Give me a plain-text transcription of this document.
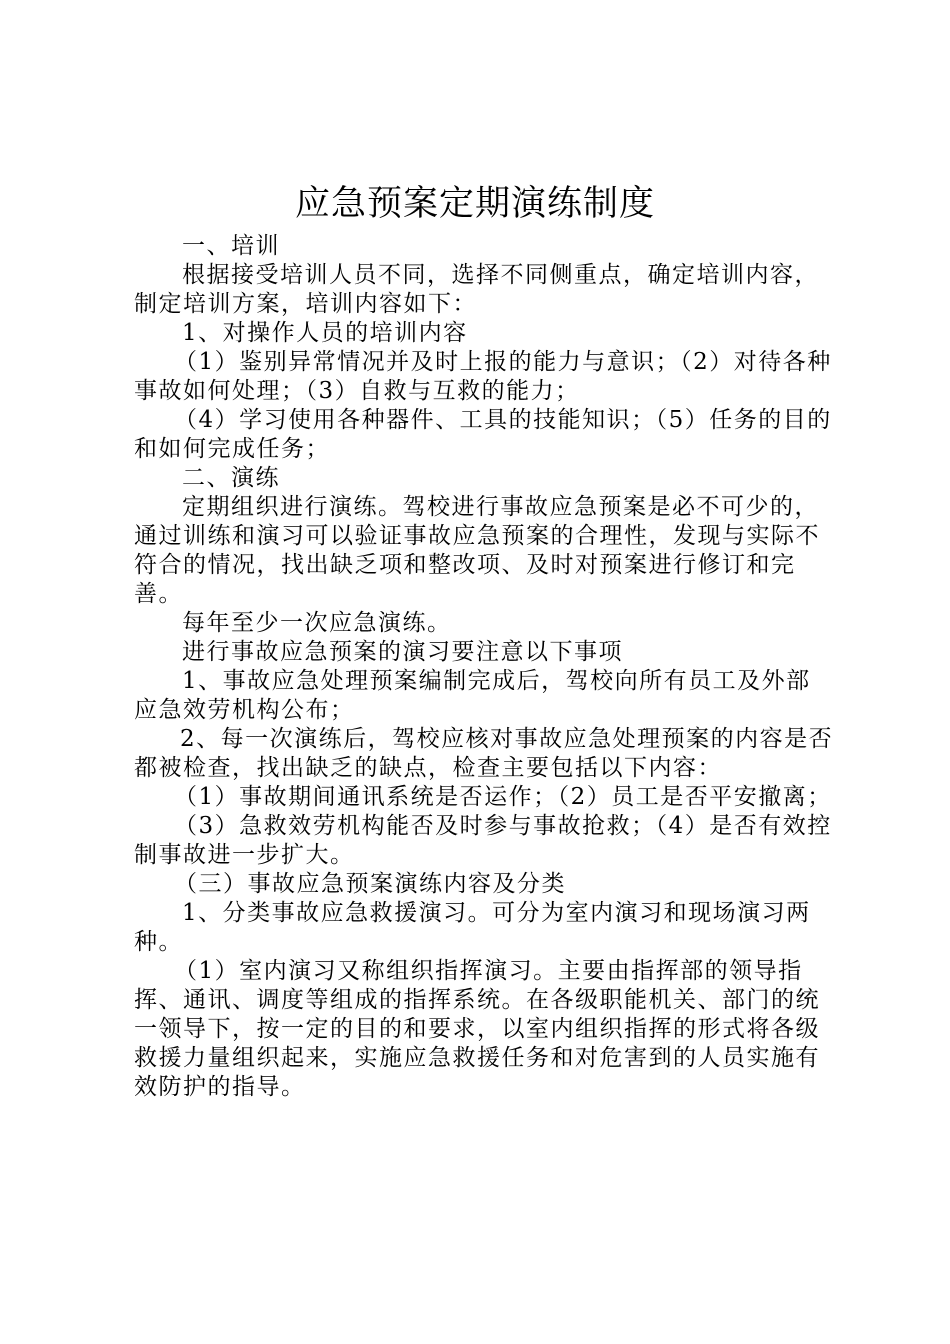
应急预案定期演练制度

一、培训

根据接受培训人员不同，选择不同侧重点，确定培训内容，制定培训方案，培训内容如下：

1、对操作人员的培训内容

（1）鉴别异常情况并及时上报的能力与意识；（2）对待各种事故如何处理；（3）自救与互救的能力；

（4）学习使用各种器件、工具的技能知识；（5）任务的目的和如何完成任务；

二、演练

定期组织进行演练。驾校进行事故应急预案是必不可少的，通过训练和演习可以验证事故应急预案的合理性，发现与实际不符合的情况，找出缺乏项和整改项、及时对预案进行修订和完善。

每年至少一次应急演练。

进行事故应急预案的演习要注意以下事项

1、事故应急处理预案编制完成后，驾校向所有员工及外部应急效劳机构公布；

2、每一次演练后，驾校应核对事故应急处理预案的内容是否都被检查，找出缺乏的缺点，检查主要包括以下内容：

（1）事故期间通讯系统是否运作；（2）员工是否平安撤离；

（3）急救效劳机构能否及时参与事故抢救；（4）是否有效控制事故进一步扩大。

（三）事故应急预案演练内容及分类

1、分类事故应急救援演习。可分为室内演习和现场演习两种。

（1）室内演习又称组织指挥演习。主要由指挥部的领导指挥、通讯、调度等组成的指挥系统。在各级职能机关、部门的统一领导下，按一定的目的和要求，以室内组织指挥的形式将各级救援力量组织起来，实施应急救援任务和对危害到的人员实施有效防护的指导。
